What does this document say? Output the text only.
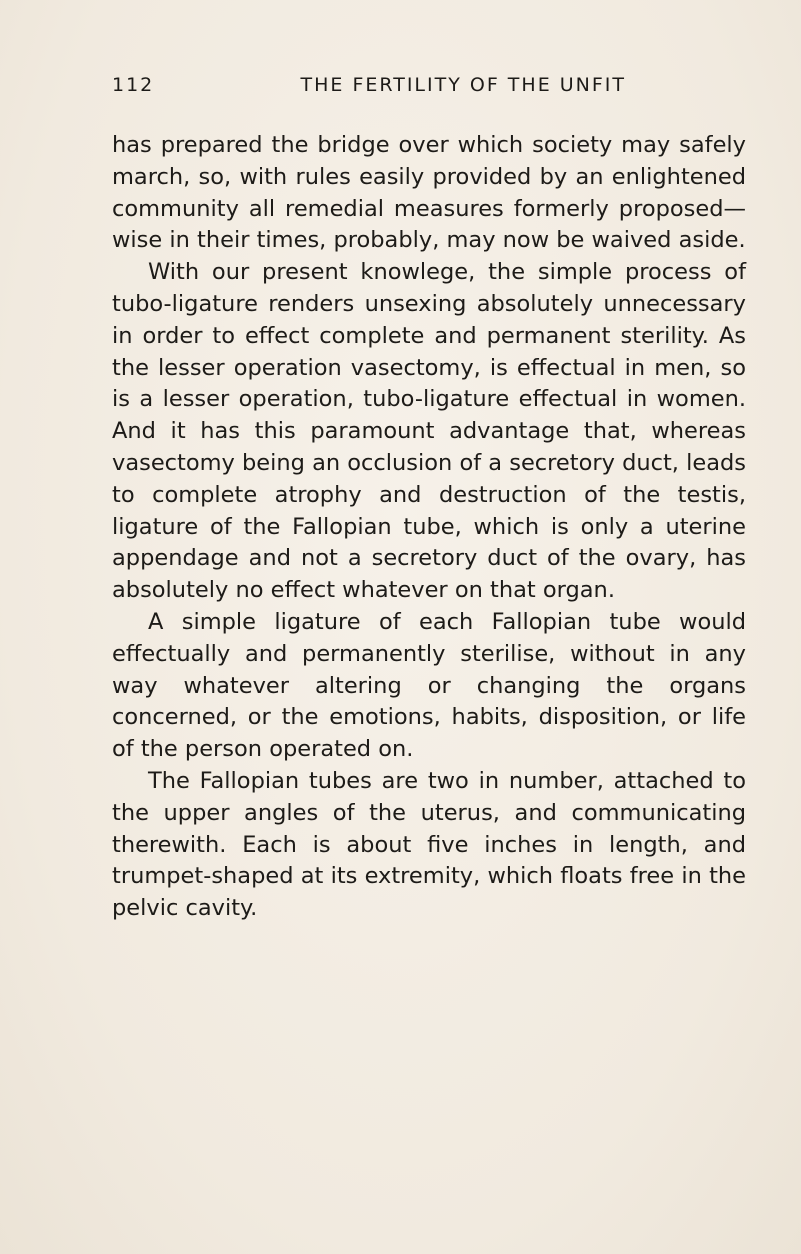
112	THE FERTILITY OF THE UNFIT

has prepared the bridge over which society may safely march, so, with rules easily provided by an enlightened community all remedial measures formerly proposed—wise in their times, probably, may now be waived aside.

With our present knowlege, the simple process of tubo-ligature renders unsexing absolutely unnecessary in order to effect complete and permanent sterility. As the lesser operation vasectomy, is effectual in men, so is a lesser operation, tubo-ligature effectual in women. And it has this paramount advantage that, whereas vasectomy being an occlusion of a secretory duct, leads to complete atrophy and destruction of the testis, ligature of the Fallopian tube, which is only a uterine appendage and not a secretory duct of the ovary, has absolutely no effect whatever on that organ.

A simple ligature of each Fallopian tube would effectually and permanently sterilise, without in any way whatever altering or changing the organs concerned, or the emotions, habits, disposition, or life of the person operated on.

The Fallopian tubes are two in number, attached to the upper angles of the uterus, and communicating therewith. Each is about five inches in length, and trumpet-shaped at its extremity, which floats free in the pelvic cavity.
